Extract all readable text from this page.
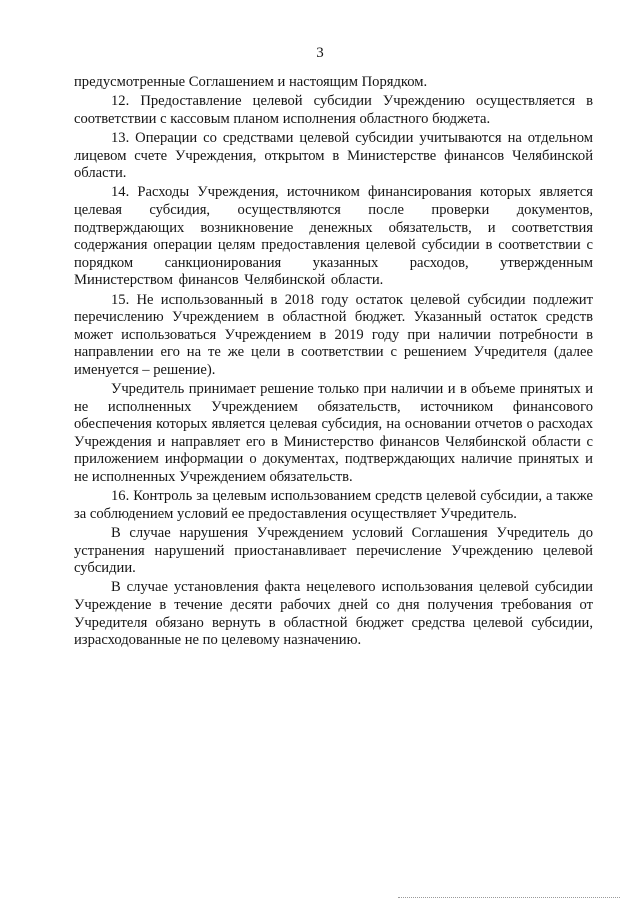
3

предусмотренные Соглашением и настоящим Порядком.

12. Предоставление целевой субсидии Учреждению осуществляется в соответствии с кассовым планом исполнения областного бюджета.

13. Операции со средствами целевой субсидии учитываются на отдельном лицевом счете Учреждения, открытом в Министерстве финансов Челябинской области.

14. Расходы Учреждения, источником финансирования которых является целевая субсидия, осуществляются после проверки документов, подтверждающих возникновение денежных обязательств, и соответствия содержания операции целям предоставления целевой субсидии в соответствии с порядком санкционирования указанных расходов, утвержденным Министерством финансов Челябинской области.

15. Не использованный в 2018 году остаток целевой субсидии подлежит перечислению Учреждением в областной бюджет. Указанный остаток средств может использоваться Учреждением в 2019 году при наличии потребности в направлении его на те же цели в соответствии с решением Учредителя (далее именуется – решение).

Учредитель принимает решение только при наличии и в объеме принятых и не исполненных Учреждением обязательств, источником финансового обеспечения которых является целевая субсидия, на основании отчетов о расходах Учреждения и направляет его в Министерство финансов Челябинской области с приложением информации о документах, подтверждающих наличие принятых и не исполненных Учреждением обязательств.

16. Контроль за целевым использованием средств целевой субсидии, а также за соблюдением условий ее предоставления осуществляет Учредитель.

В случае нарушения Учреждением условий Соглашения Учредитель до устранения нарушений приостанавливает перечисление Учреждению целевой субсидии.

В случае установления факта нецелевого использования целевой субсидии Учреждение в течение десяти рабочих дней со дня получения требования от Учредителя обязано вернуть в областной бюджет средства целевой субсидии, израсходованные не по целевому назначению.
